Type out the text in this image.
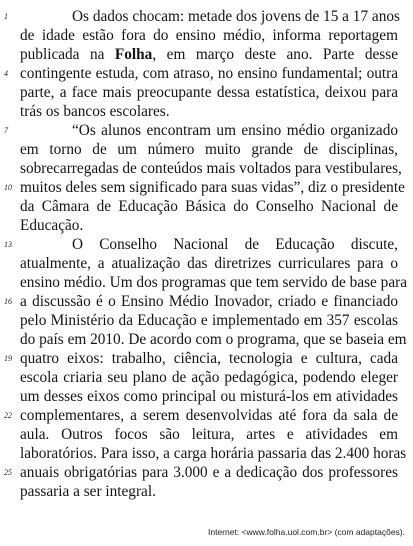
Os dados chocam: metade dos jovens de 15 a 17 anos
de idade estão fora do ensino médio, informa reportagem
publicada na Folha, em março deste ano. Parte desse
contingente estuda, com atraso, no ensino fundamental; outra
parte, a face mais preocupante dessa estatística, deixou para
trás os bancos escolares.
“Os alunos encontram um ensino médio organizado
em torno de um número muito grande de disciplinas,
sobrecarregadas de conteúdos mais voltados para vestibulares,
muitos deles sem significado para suas vidas”, diz o presidente
da Câmara de Educação Básica do Conselho Nacional de
Educação.
O Conselho Nacional de Educação discute,
atualmente, a atualização das diretrizes curriculares para o
ensino médio. Um dos programas que tem servido de base para
a discussão é o Ensino Médio Inovador, criado e financiado
pelo Ministério da Educação e implementado em 357 escolas
do país em 2010. De acordo com o programa, que se baseia em
quatro eixos: trabalho, ciência, tecnologia e cultura, cada
escola criaria seu plano de ação pedagógica, podendo eleger
um desses eixos como principal ou misturá-los em atividades
complementares, a serem desenvolvidas até fora da sala de
aula. Outros focos são leitura, artes e atividades em
laboratórios. Para isso, a carga horária passaria das 2.400 horas
anuais obrigatórias para 3.000 e a dedicação dos professores
passaria a ser integral.
1
4
7
10
13
16
19
22
25
Internet: <www.folha.uol.com.br> (com adaptações).
